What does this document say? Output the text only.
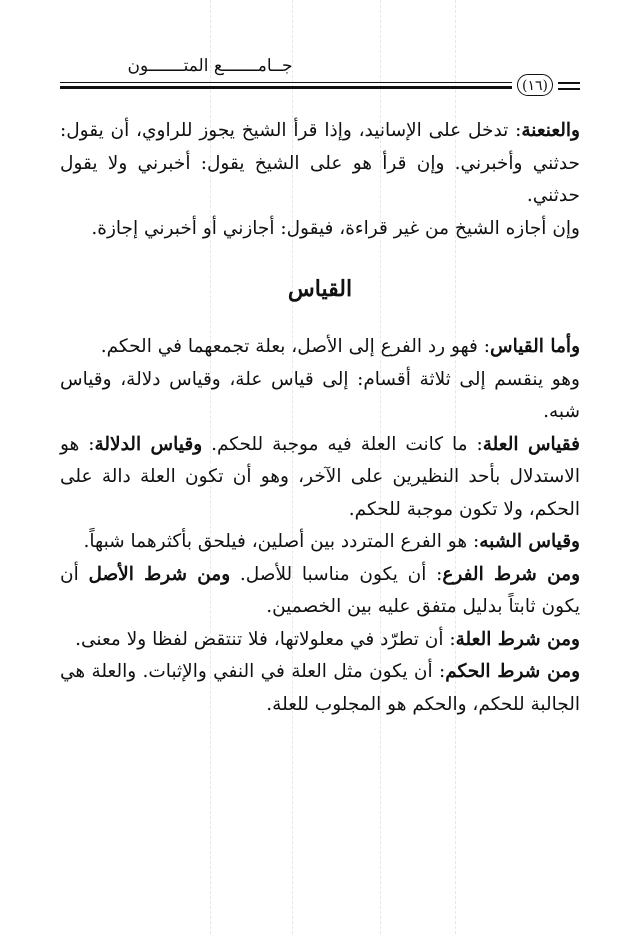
جــامـــــــع المتـــــــون
(١٦)

والعنعنة: تدخل على الإسانيد، وإذا قرأ الشيخ يجوز للراوي، أن يقول: حدثني وأخبرني. وإن قرأ هو على الشيخ يقول: أخبرني ولا يقول حدثني.

وإن أجازه الشيخ من غير قراءة، فيقول: أجازني أو أخبرني إجازة.

القياس

وأما القياس: فهو رد الفرع إلى الأصل، بعلة تجمعهما في الحكم.

وهو ينقسم إلى ثلاثة أقسام: إلى قياس علة، وقياس دلالة، وقياس شبه.

فقياس العلة: ما كانت العلة فيه موجبة للحكم. وقياس الدلالة: هو الاستدلال بأحد النظيرين على الآخر، وهو أن تكون العلة دالة على الحكم، ولا تكون موجبة للحكم.

وقياس الشبه: هو الفرع المتردد بين أصلين، فيلحق بأكثرهما شبهاً.

ومن شرط الفرع: أن يكون مناسبا للأصل. ومن شرط الأصل أن يكون ثابتاً بدليل متفق عليه بين الخصمين.

ومن شرط العلة: أن تطرّد في معلولاتها، فلا تنتقض لفظا ولا معنى.

ومن شرط الحكم: أن يكون مثل العلة في النفي والإثبات. والعلة هي الجالبة للحكم، والحكم هو المجلوب للعلة.
